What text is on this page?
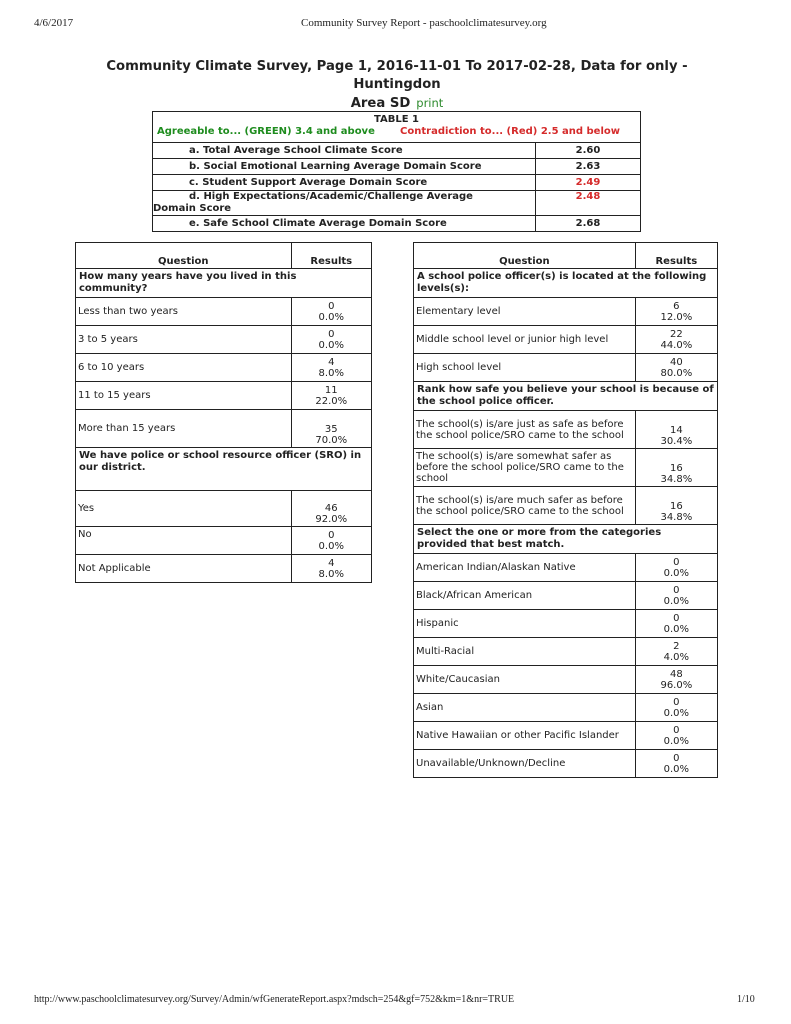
4/6/2017	Community Survey Report - paschoolclimatesurvey.org
Community Climate Survey, Page 1, 2016-11-01 To 2017-02-28, Data for only - Huntingdon
Area SD print
TABLE 1
Agreeable to... (GREEN) 3.4 and above Contradiction to... (Red) 2.5 and below	

a. Total Average School Climate Score	2.60
b. Social Emotional Learning Average Domain Score	2.63
c. Student Support Average Domain Score	2.49

d. High Expectations/Academic/Challenge Average
Domain Score	2.48
e. Safe School Climate Average Domain Score	2.68
Question	Results
How many years have you lived in this community?	
Less than two years	0
0.0%

3 to 5 years	0
0.0%

6 to 10 years	4
8.0%

11 to 15 years	11
22.0%

More than 15 years	35
70.0%

We have police or school resource officer (SRO) in our district.	
Yes	46
92.0%

No	0
0.0%

Not Applicable	4
8.0%
Question	Results
A school police officer(s) is located at the following levels(s):	
Elementary level	6
12.0%

Middle school level or junior high level	22
44.0%

High school level	40
80.0%

Rank how safe you believe your school is because of the school police officer.	
The school(s) is/are just as safe as before the school police/SRO came to the school	14
30.4%

The school(s) is/are somewhat safer as before the school police/SRO came to the school	16
34.8%

The school(s) is/are much safer as before the school police/SRO came to the school	16
34.8%

Select the one or more from the categories provided that best match.	
American Indian/Alaskan Native	0
0.0%

Black/African American	0
0.0%

Hispanic	0
0.0%

Multi-Racial	2
4.0%

White/Caucasian	48
96.0%

Asian	0
0.0%

Native Hawaiian or other Pacific Islander	0
0.0%

Unavailable/Unknown/Decline	0
0.0%
http://www.paschoolclimatesurvey.org/Survey/Admin/wfGenerateReport.aspx?mdsch=254&gf=752&km=1&nr=TRUE	1/10
